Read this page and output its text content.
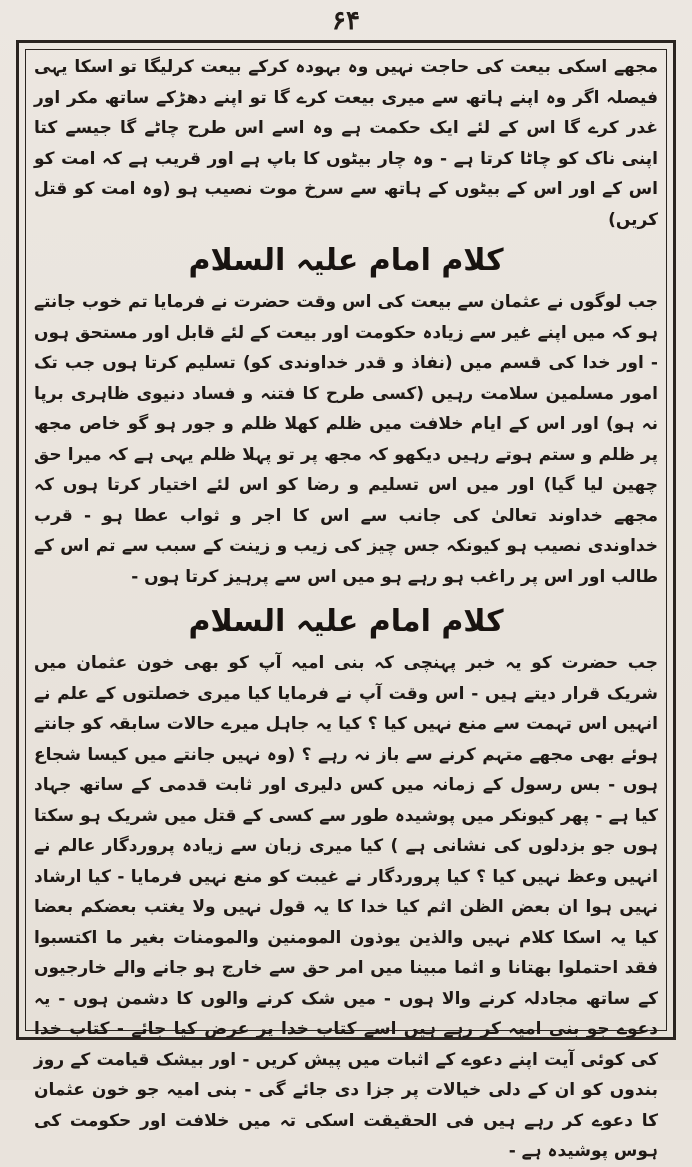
۶۴

مجھے اسکی بیعت کی حاجت نہیں وہ بہودہ کرکے بیعت کرلیگا تو اسکا یہی فیصلہ اگر وہ اپنے ہاتھ سے میری بیعت کرے گا تو اپنے دھڑکے ساتھ مکر اور غدر کرے گا اس کے لئے ایک حکمت ہے وہ اسے اس طرح چاٹے گا جیسے کتا اپنی ناک کو چاٹا کرتا ہے - وہ چار بیٹوں کا باپ ہے اور قریب ہے کہ امت کو اس کے اور اس کے بیٹوں کے ہاتھ سے سرخ موت نصیب ہو (وہ امت کو قتل کریں)

کلام امام علیہ السلام

جب لوگوں نے عثمان سے بیعت کی اس وقت حضرت نے فرمایا تم خوب جانتے ہو کہ میں اپنے غیر سے زیادہ حکومت اور بیعت کے لئے قابل اور مستحق ہوں - اور خدا کی قسم میں (نفاذ و قدر خداوندی کو) تسلیم کرتا ہوں جب تک امور مسلمین سلامت رہیں (کسی طرح کا فتنہ و فساد دنیوی ظاہری برپا نہ ہو) اور اس کے ایام خلافت میں ظلم کھلا ظلم و جور ہو گو خاص مجھ پر ظلم و ستم ہوتے رہیں دیکھو کہ مجھ پر تو پہلا ظلم یہی ہے کہ میرا حق چھین لیا گیا) اور میں اس تسلیم و رضا کو اس لئے اختیار کرتا ہوں کہ مجھے خداوند تعالیٰ کی جانب سے اس کا اجر و ثواب عطا ہو - قرب خداوندی نصیب ہو کیونکہ جس چیز کی زیب و زینت کے سبب سے تم اس کے طالب اور اس پر راغب ہو رہے ہو میں اس سے پرہیز کرتا ہوں -

کلام امام علیہ السلام

جب حضرت کو یہ خبر پہنچی کہ بنی امیہ آپ کو بھی خون عثمان میں شریک قرار دیتے ہیں - اس وقت آپ نے فرمایا کیا میری خصلتوں کے علم نے انہیں اس تہمت سے منع نہیں کیا ؟ کیا یہ جاہل میرے حالات سابقہ کو جانتے ہوئے بھی مجھے متہم کرنے سے باز نہ رہے ؟ (وہ نہیں جانتے میں کیسا شجاع ہوں - بس رسول کے زمانہ میں کس دلیری اور ثابت قدمی کے ساتھ جہاد کیا ہے - پھر کیونکر میں پوشیدہ طور سے کسی کے قتل میں شریک ہو سکتا ہوں جو بزدلوں کی نشانی ہے ) کیا میری زبان سے زیادہ پروردگار عالم نے انہیں وعظ نہیں کیا ؟ کیا پروردگار نے غیبت کو منع نہیں فرمایا - کیا ارشاد نہیں ہوا ان بعض الظن اثم کیا خدا کا یہ قول نہیں ولا یغتب بعضکم بعضا کیا یہ اسکا کلام نہیں والذین یوذون المومنین والمومنات بغیر ما اکتسبوا فقد احتملوا بھتانا و اثما مبینا میں امر حق سے خارج ہو جانے والے خارجیوں کے ساتھ مجادلہ کرنے والا ہوں - میں شک کرنے والوں کا دشمن ہوں - یہ دعوے جو بنی امیہ کر رہے ہیں اسے کتاب خدا پر عرض کیا جائے - کتاب خدا کی کوئی آیت اپنے دعوے کے اثبات میں پیش کریں - اور بیشک قیامت کے روز بندوں کو ان کے دلی خیالات پر جزا دی جائے گی - بنی امیہ جو خون عثمان کا دعوے کر رہے ہیں فی الحقیقت اسکی تہ میں خلافت اور حکومت کی ہوس پوشیدہ ہے -
